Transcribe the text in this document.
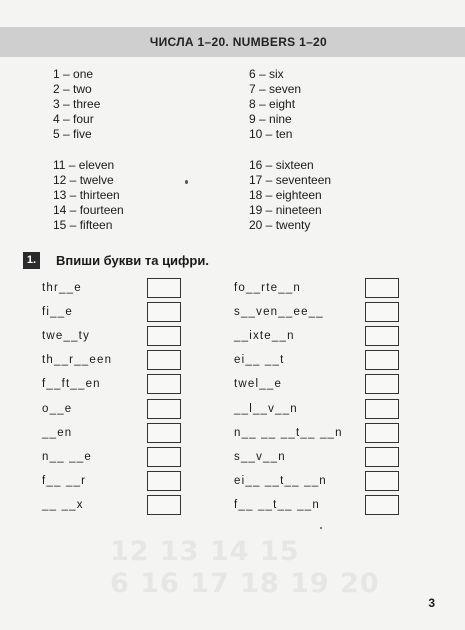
12 13 14 15
6 16 17 18 19 20
ЧИСЛА 1–20. NUMBERS 1–20
1 – one
2 – two
3 – three
4 – four
5 – five
11 – eleven
12 – twelve
13 – thirteen
14 – fourteen
15 – fifteen
6 – six
7 – seven
8 – eight
9 – nine
10 – ten
16 – sixteen
17 – seventeen
18 – eighteen
19 – nineteen
20 – twenty
1.	Впиши букви та цифри.
thr__e
fi__e
twe__ty
th__r__een
f__ft__en
o__e
__en
n__ __e
f__ __r
__ __x
fo__rte__n
s__ven__ee__
__ixte__n
ei__ __t
twel__e
__l__v__n
n__ __ __t__ __n
s__v__n
ei__ __t__ __n
f__ __t__ __n
3
